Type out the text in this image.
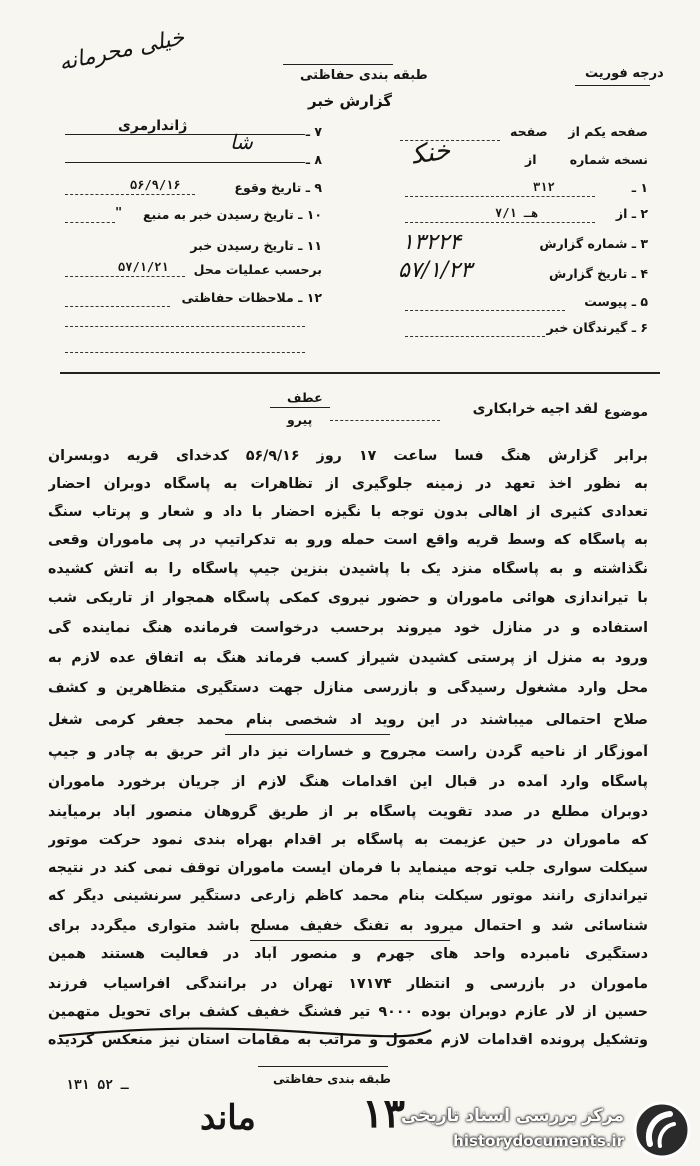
خیلی محرمانه	طبقه بندی حفاظتی
گزارش خبر
درجه فوریت
صفحه یکم از
صفحه
نسخه شماره
از
ﺧﻨﮑ
۱ ـ
۳۱۲
۲ ـ از
۷/هـ ۱
۳ ـ شماره گزارش
۱۳۲۲۴
۴ ـ تاریخ گزارش
۵۷/۱/۲۳
۵ ـ پیوست
۶ ـ گیرندگان خبر
۷ ـ
ژاندارمری
۸ ـ
ﺷﺎ
۹ ـ تاریخ وقوع
۵۶/۹/۱۶
۱۰ ـ تاریخ رسیدن خبر به منبع
"
۱۱ ـ تاریخ رسیدن خبر برحسب عملیات محل
۵۷/۱/۲۱
۱۲ ـ ملاحظات حفاظتی
موضوع
لقد اجیه خرابکاری
عطف
پیرو
برابر گزارش هنگ فسا ساعت ۱۷ روز ۵۶/۹/۱۶ کدخدای قریه دوبسران
به نظور اخذ تعهد در زمینه جلوگیری از تظاهرات به پاسگاه دوبران احضار
تعدادی کثیری از اهالی بدون توجه با نگیزه احضار با داد و شعار و پرتاب سنگ
به پاسگاه که وسط قریه واقع است حمله ورو به تدکراتیپ در پی ماموران وقعی
نگذاشته و به پاسگاه منزد یک با پاشیدن بنزین جیپ پاسگاه را به آتش کشیده
با تیراندازی هوائی ماموران و حضور نیروی کمکی پاسگاه همجوار از تاریکی شب
استفاده و در منازل خود میروند برحسب درخواست فرمانده هنگ نماینده گی
ورود به منزل از پرستی کشیدن شیراز کسب فرماند هنگ به اتفاق عده لازم به
محل وارد مشغول رسیدگی و بازرسی منازل جهت دستگیری متظاهرین و کشف
صلاح احتمالی میباشند در این روید اد شخصی بنام محمد جعفر کرمی شغل
آموزگار از ناحیه گردن راست مجروح و خسارات نیز دار اثر حریق به چادر و جیپ
پاسگاه وارد آمده در قبال این اقدامات هنگ لازم از جریان برخورد ماموران
دوبران مطلع در صدد تقویت پاسگاه بر از طریق گروهان منصور آباد برمیآیند
که ماموران در حین عزیمت به پاسگاه بر اقدام بهراه بندی نمود حرکت موتور
سیکلت سواری جلب توجه مینماید با فرمان ایست ماموران توقف نمی کند در نتیجه
تیراندازی رانند موتور سیکلت بنام محمد کاظم زارعی دستگیر سرنشینی دیگر که
شناسائی شد و احتمال میرود به تفنگ خفیف مسلح باشد متواری میگردد برای
دستگیری نامبرده واحد های جهرم و منصور آباد در فعالیت هستند همین
ماموران در بازرسی و انتظار ۱۷۱۷۴ تهران در برانندگی افراسیاب فرزند
حسین از لار عازم دوبران بوده ۹۰۰۰ تیر فشنگ خفیف کشف برای تحویل متهمین
وتشکیل پرونده اقدامات لازم معمول و مراتب به مقامات استان نیز منعکس گردیده
طبقه بندی حفاظتی
۱۳۱ ـ ۵۲
۱۳
ماند	مرکز بررسی اسناد تاریخی
historydocuments.ir
